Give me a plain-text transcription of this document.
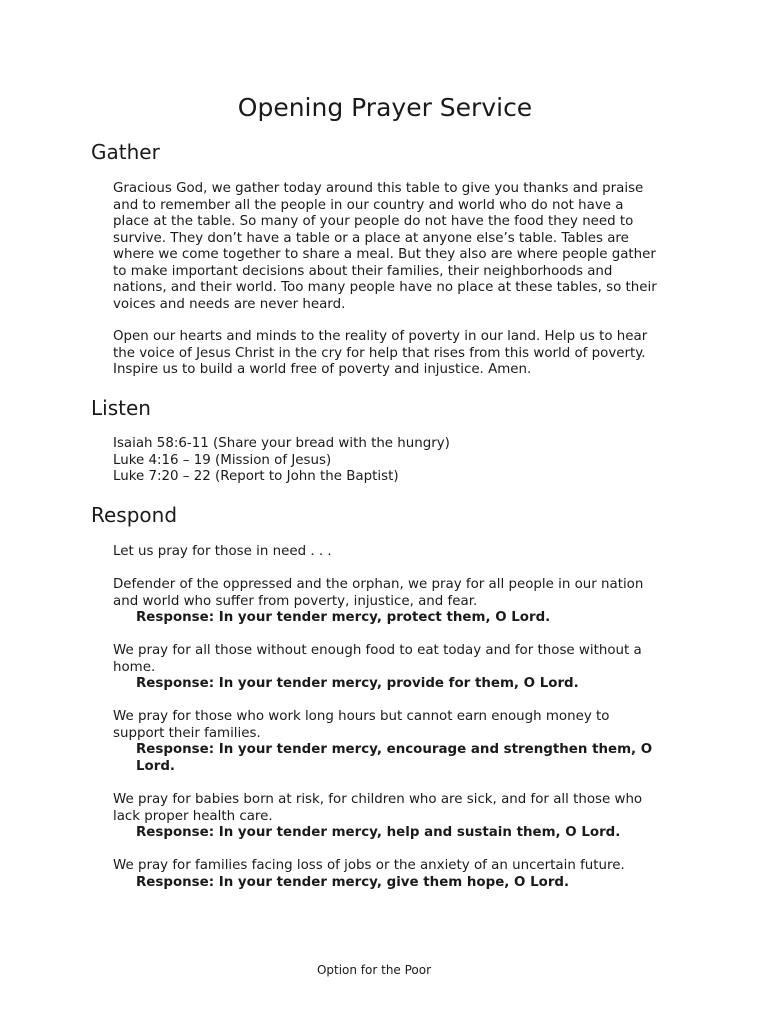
Opening Prayer Service
Gather

Gracious God, we gather today around this table to give you thanks and praise
and to remember all the people in our country and world who do not have a
place at the table. So many of your people do not have the food they need to
survive. They don’t have a table or a place at anyone else’s table. Tables are
where we come together to share a meal. But they also are where people gather
to make important decisions about their families, their neighborhoods and
nations, and their world. Too many people have no place at these tables, so their
voices and needs are never heard.

Open our hearts and minds to the reality of poverty in our land. Help us to hear
the voice of Jesus Christ in the cry for help that rises from this world of poverty.
Inspire us to build a world free of poverty and injustice. Amen.

Listen

Isaiah 58:6-11 (Share your bread with the hungry)
Luke 4:16 – 19 (Mission of Jesus)
Luke 7:20 – 22 (Report to John the Baptist)

Respond

Let us pray for those in need . . .

Defender of the oppressed and the orphan, we pray for all people in our nation
and world who suffer from poverty, injustice, and fear.
Response: In your tender mercy, protect them, O Lord.

We pray for all those without enough food to eat today and for those without a
home.
Response: In your tender mercy, provide for them, O Lord.

We pray for those who work long hours but cannot earn enough money to
support their families.
Response: In your tender mercy, encourage and strengthen them, O
Lord.

We pray for babies born at risk, for children who are sick, and for all those who
lack proper health care.
Response: In your tender mercy, help and sustain them, O Lord.

We pray for families facing loss of jobs or the anxiety of an uncertain future.
Response: In your tender mercy, give them hope, O Lord.

Option for the Poor
